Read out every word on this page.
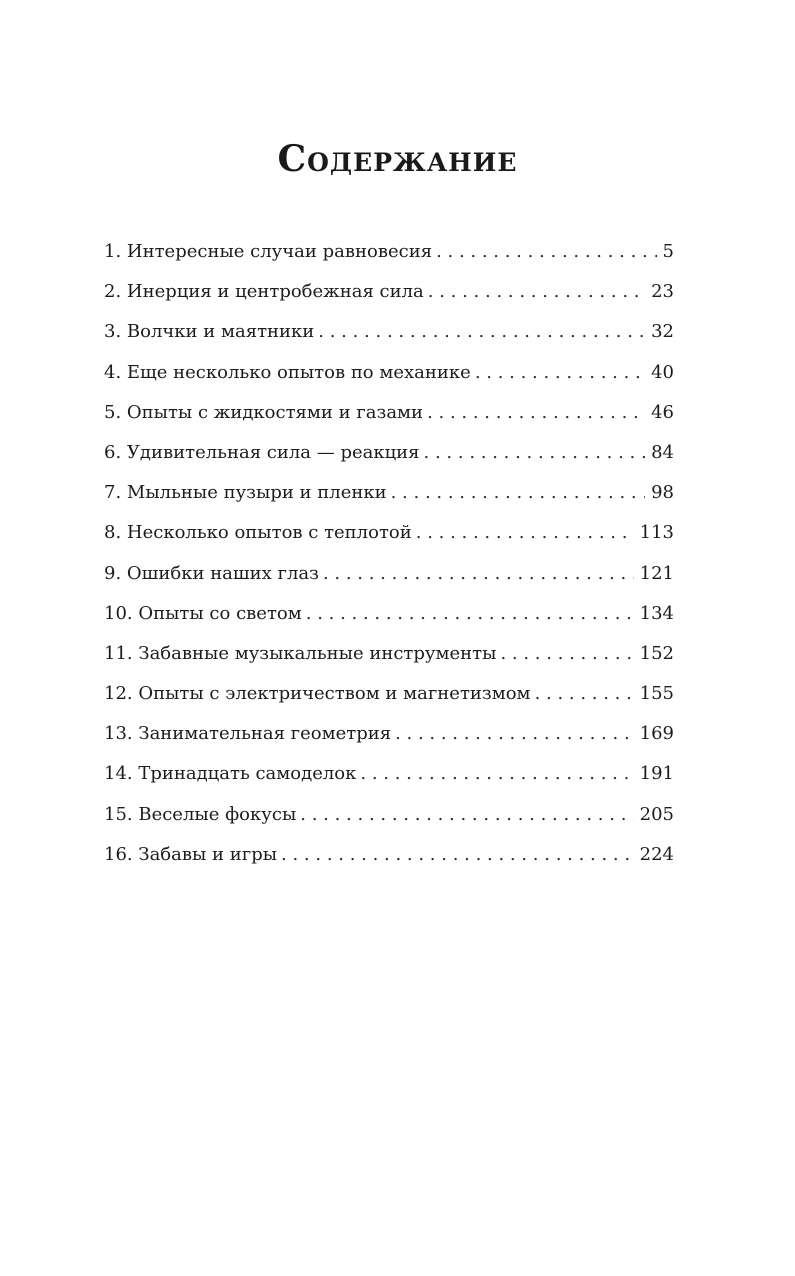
Содержание
1. Интересные случаи равновесия . . .	5
2. Инерция и центробежная сила . . .	23
3. Волчки и маятники . . .	32
4. Еще несколько опытов по механике . . .	40
5. Опыты с жидкостями и газами . . .	46
6. Удивительная сила — реакция . . .	84
7. Мыльные пузыри и пленки . . .	98
8. Несколько опытов с теплотой . . .	113
9. Ошибки наших глаз . . .	121
10. Опыты со светом . . .	134
11. Забавные музыкальные инструменты . . .	152
12. Опыты с электричеством и магнетизмом . . .	155
13. Занимательная геометрия . . .	169
14. Тринадцать самоделок . . .	191
15. Веселые фокусы . . .	205
16. Забавы и игры . . .	224
